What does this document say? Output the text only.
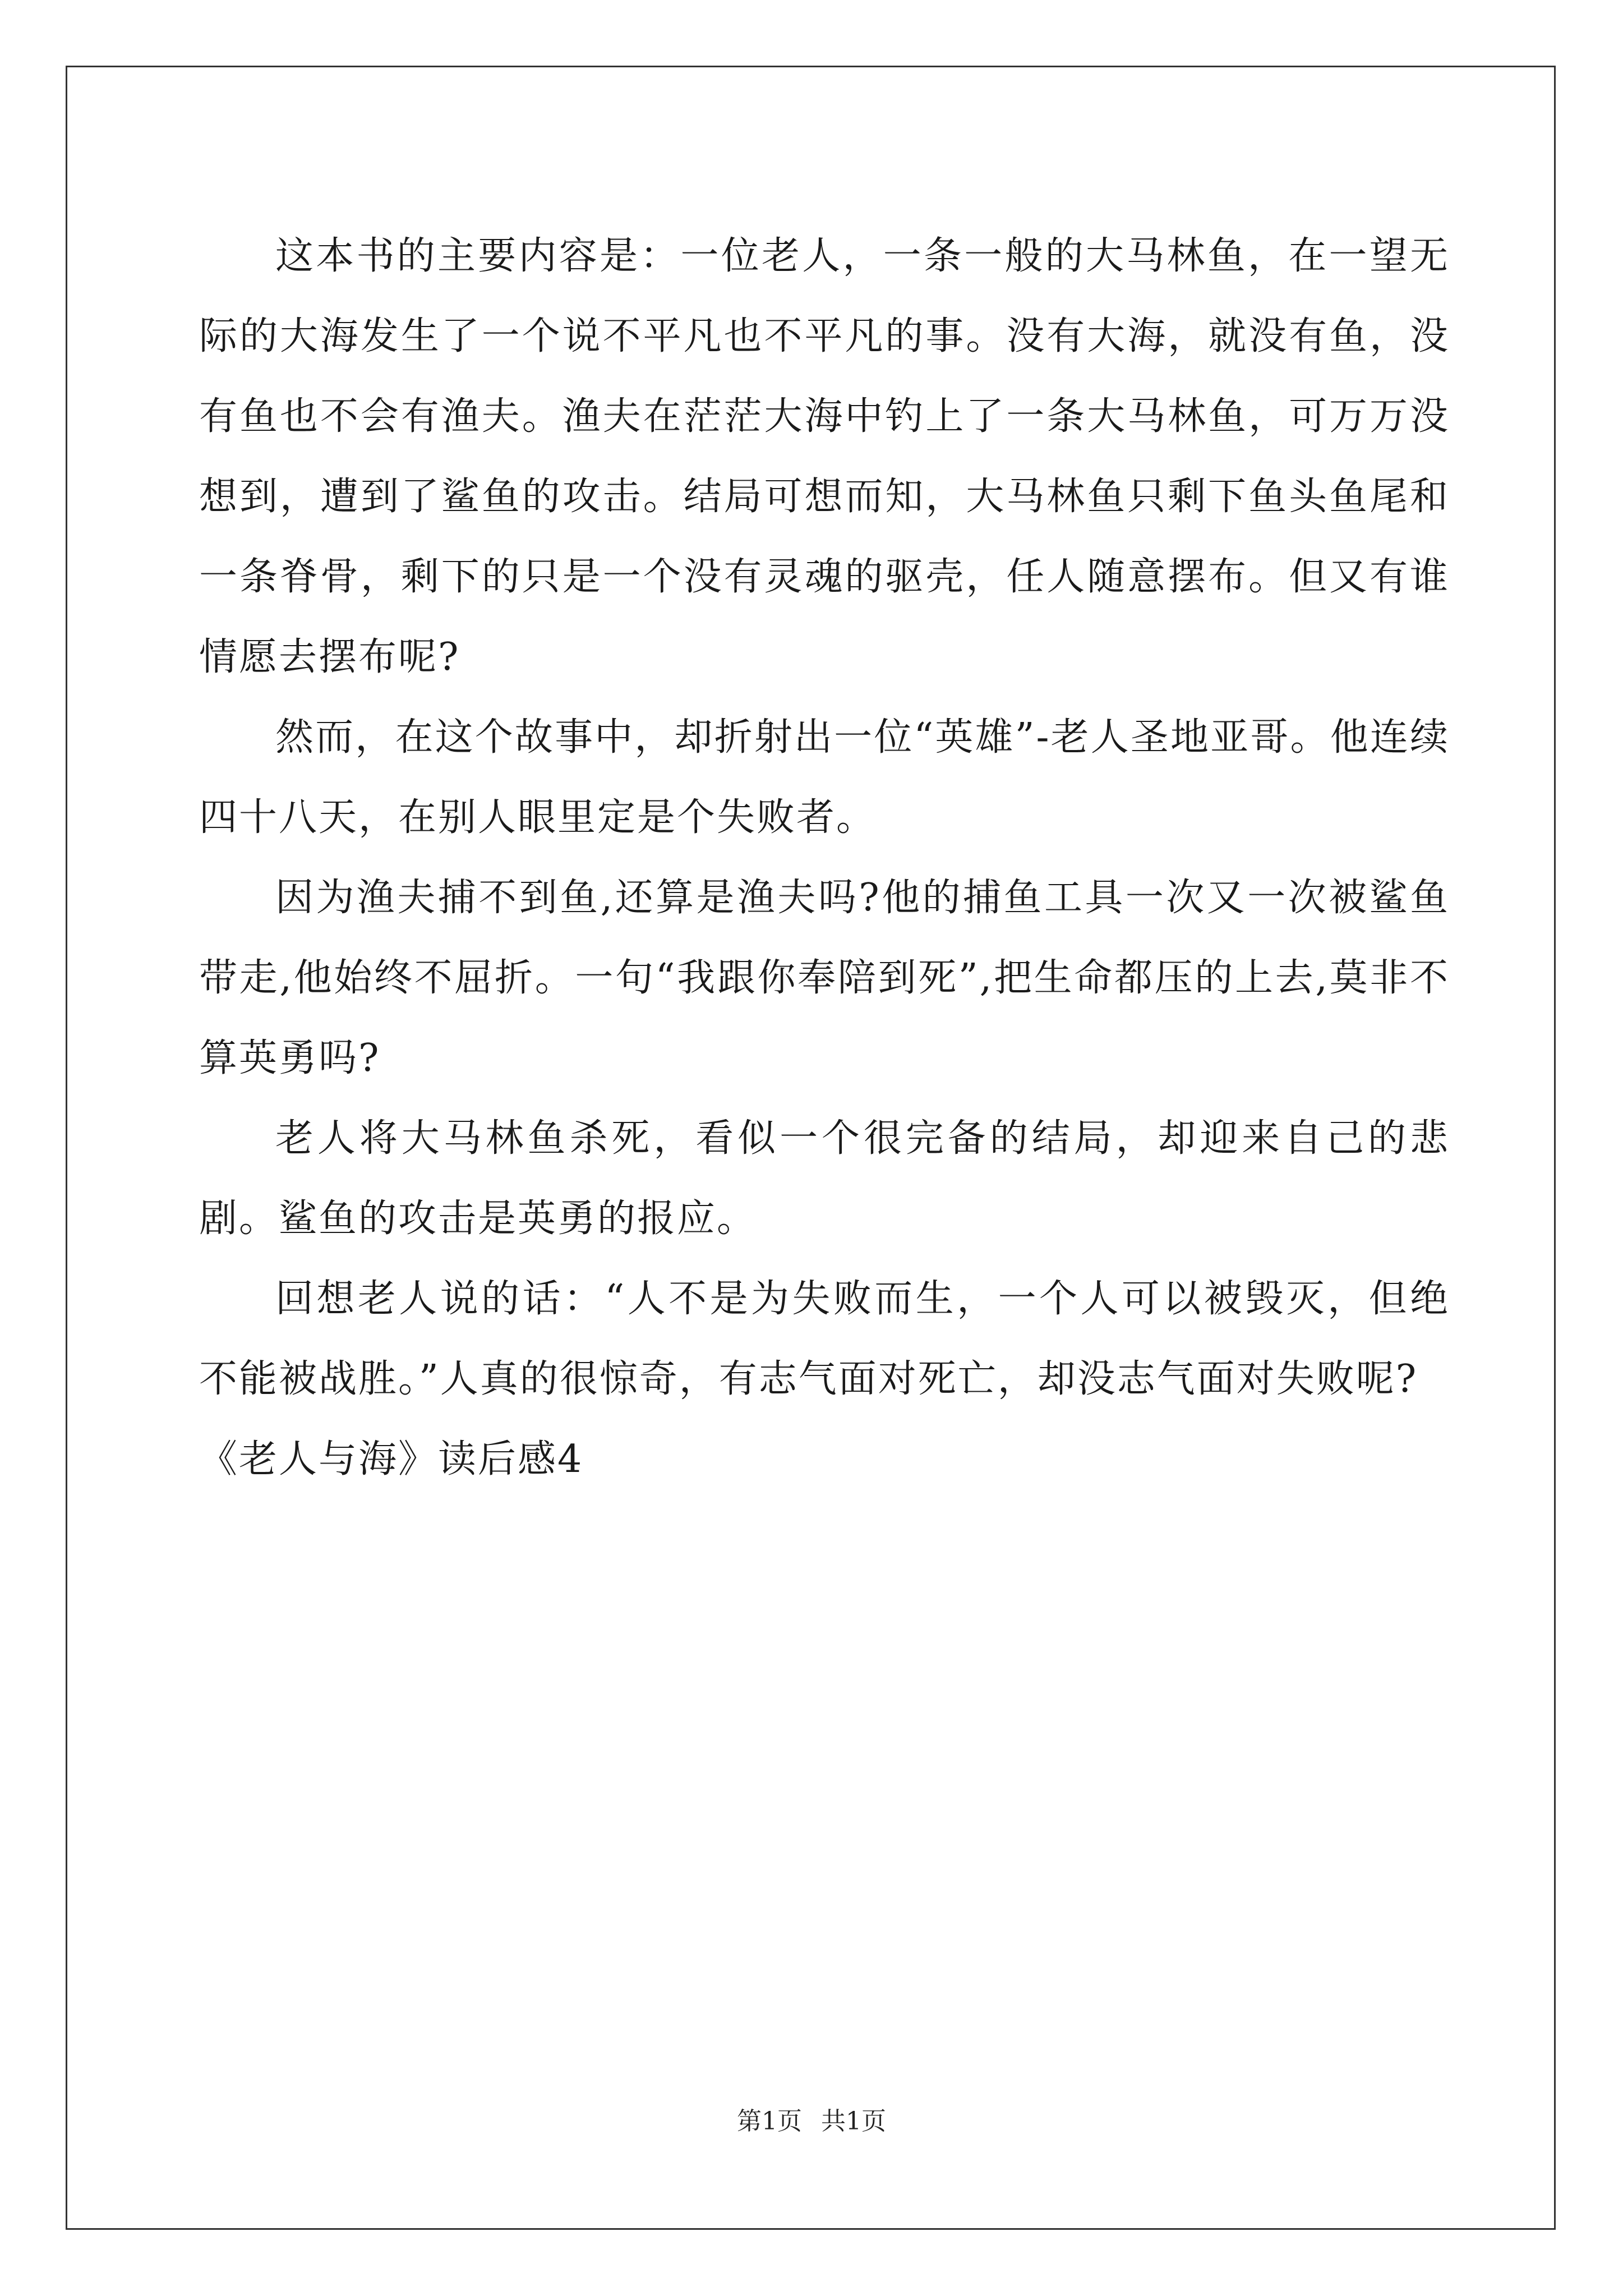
这本书的主要内容是：一位老人，一条一般的大马林鱼，在一望无际的大海发生了一个说不平凡也不平凡的事。没有大海，就没有鱼，没有鱼也不会有渔夫。渔夫在茫茫大海中钓上了一条大马林鱼，可万万没想到，遭到了鲨鱼的攻击。结局可想而知，大马林鱼只剩下鱼头鱼尾和一条脊骨，剩下的只是一个没有灵魂的驱壳，任人随意摆布。但又有谁情愿去摆布呢?

然而，在这个故事中，却折射出一位“英雄”-老人圣地亚哥。他连续四十八天，在别人眼里定是个失败者。

因为渔夫捕不到鱼,还算是渔夫吗?他的捕鱼工具一次又一次被鲨鱼带走,他始终不屈折。一句“我跟你奉陪到死”,把生命都压的上去,莫非不算英勇吗?

老人将大马林鱼杀死，看似一个很完备的结局，却迎来自己的悲剧。鲨鱼的攻击是英勇的报应。

回想老人说的话：“人不是为失败而生，一个人可以被毁灭，但绝不能被战胜。”人真的很惊奇，有志气面对死亡，却没志气面对失败呢?

《老人与海》读后感4

第1页 共1页
